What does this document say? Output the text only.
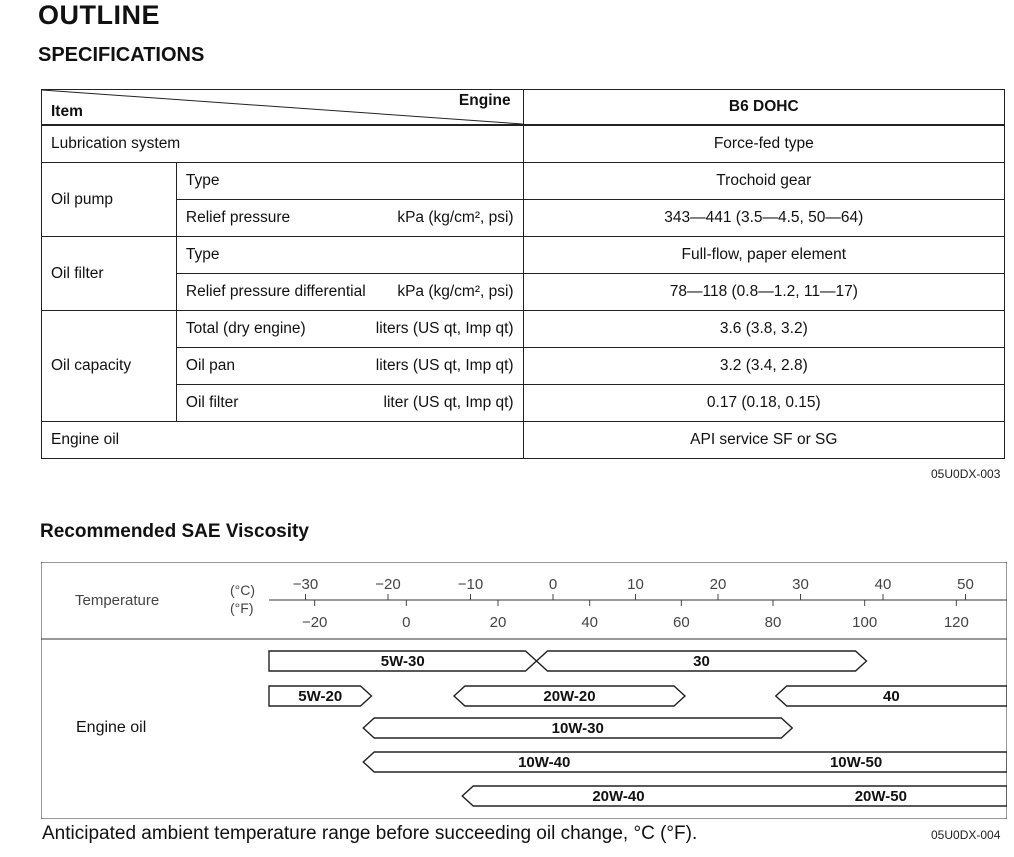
OUTLINE
SPECIFICATIONS
Item
Engine		B6 DOHC
Lubrication system		Force-fed type
Oil pump	Type	Trochoid gear

	Relief pressure kPa (kg/cm², psi)	343—441 (3.5—4.5, 50—64)
Oil filter	Type	Full-flow, paper element

	Relief pressure differential kPa (kg/cm², psi)	78—118 (0.8—1.2, 11—17)
Oil capacity	Total (dry engine) liters (US qt, Imp qt)	3.6 (3.8, 3.2)

	Oil pan liters (US qt, Imp qt)	3.2 (3.4, 2.8)

	Oil filter liter (US qt, Imp qt)	0.17 (0.18, 0.15)
Engine oil		API service SF or SG
05U0DX-003
Recommended SAE Viscosity
Temperature
(°C)
(°F)
Engine oil
−30	−20	−10	0	10	20	30	40	50
−20	0	20	40	60	80	100	120
5W-30	30
5W-20	20W-20	40
10W-30
10W-40	10W-50
20W-40	20W-50
Anticipated ambient temperature range before succeeding oil change, °C (°F).	05U0DX-004
